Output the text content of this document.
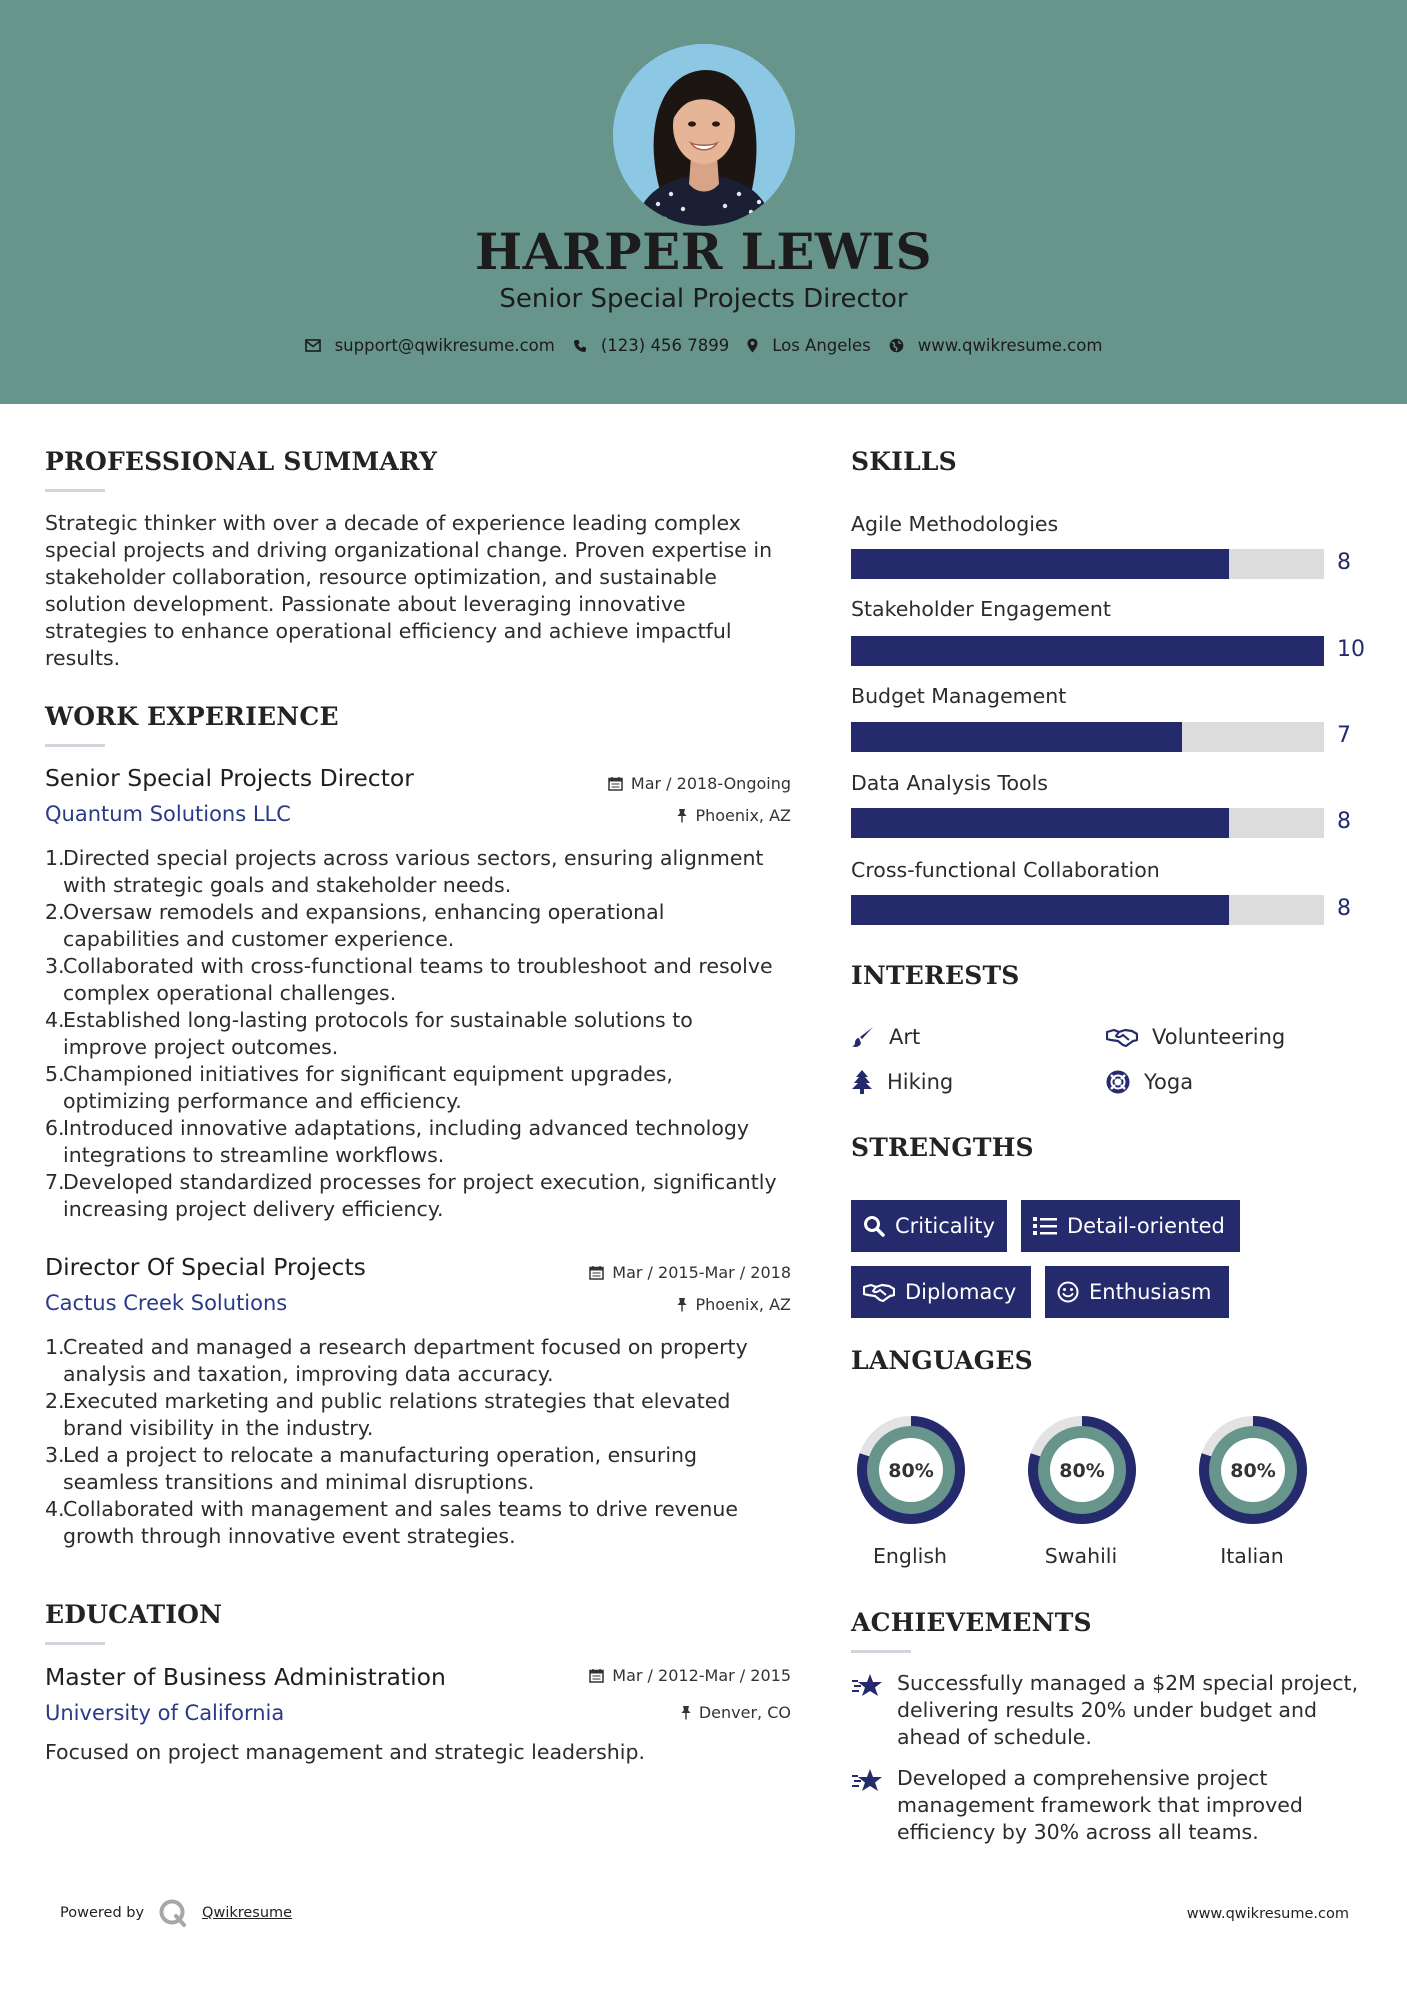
HARPER LEWIS
Senior Special Projects Director
support@qwikresume.com	(123) 456 7899	Los Angeles	www.qwikresume.com
PROFESSIONAL SUMMARY
Strategic thinker with over a decade of experience leading complex
special projects and driving organizational change. Proven expertise in
stakeholder collaboration, resource optimization, and sustainable
solution development. Passionate about leveraging innovative
strategies to enhance operational efficiency and achieve impactful
results.
WORK EXPERIENCE
Senior Special Projects Director
Quantum Solutions LLC
Mar / 2018-Ongoing
Phoenix, AZ
1.
Directed special projects across various sectors, ensuring alignment
with strategic goals and stakeholder needs.
2.
Oversaw remodels and expansions, enhancing operational
capabilities and customer experience.
3.
Collaborated with cross-functional teams to troubleshoot and resolve
complex operational challenges.
4.
Established long-lasting protocols for sustainable solutions to
improve project outcomes.
5.
Championed initiatives for significant equipment upgrades,
optimizing performance and efficiency.
6.
Introduced innovative adaptations, including advanced technology
integrations to streamline workflows.
7.
Developed standardized processes for project execution, significantly
increasing project delivery efficiency.
Director Of Special Projects
Cactus Creek Solutions
Mar / 2015-Mar / 2018
Phoenix, AZ
1.
Created and managed a research department focused on property
analysis and taxation, improving data accuracy.
2.
Executed marketing and public relations strategies that elevated
brand visibility in the industry.
3.
Led a project to relocate a manufacturing operation, ensuring
seamless transitions and minimal disruptions.
4.
Collaborated with management and sales teams to drive revenue
growth through innovative event strategies.
EDUCATION
Master of Business Administration
University of California
Mar / 2012-Mar / 2015
Denver, CO
Focused on project management and strategic leadership.
SKILLS
Agile Methodologies
8
Stakeholder Engagement
10
Budget Management
7
Data Analysis Tools
8
Cross-functional Collaboration
8
INTERESTS
Art	Volunteering
Hiking	Yoga
STRENGTHS
Criticality	Detail-oriented
Diplomacy	Enthusiasm
LANGUAGES
80%
English
80%
Swahili
80%
Italian
ACHIEVEMENTS
Successfully managed a $2M special project,
delivering results 20% under budget and
ahead of schedule.
Developed a comprehensive project
management framework that improved
efficiency by 30% across all teams.
Powered by	Qwikresume	www.qwikresume.com
